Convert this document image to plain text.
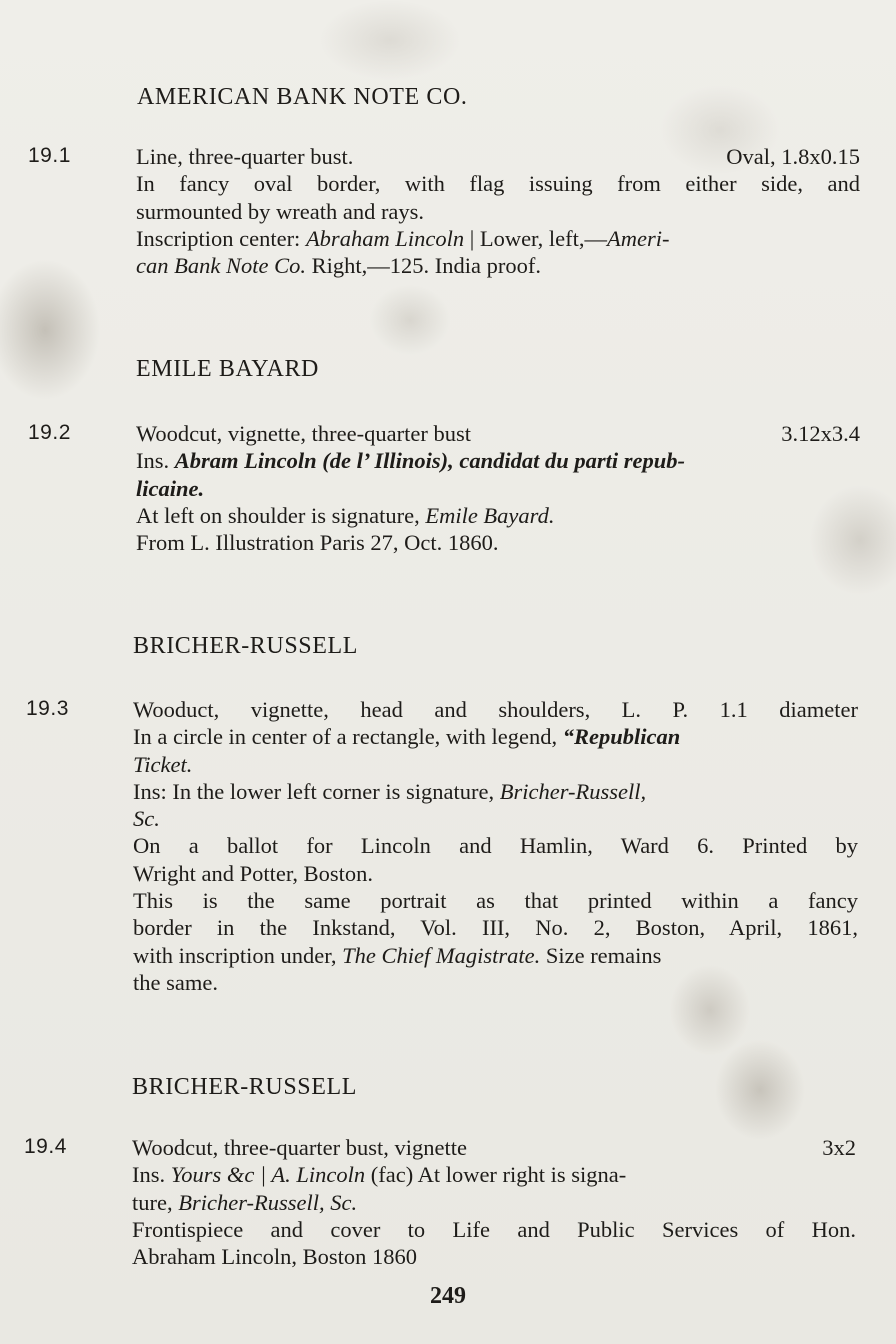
AMERICAN BANK NOTE CO.
19.1	Line, three-quarter bust.	Oval, 1.8x0.15
In fancy oval border, with flag issuing from either side, and
surmounted by wreath and rays.
Inscription center: Abraham Lincoln | Lower, left,—Ameri-
can Bank Note Co. Right,—125. India proof.
EMILE BAYARD
19.2	Woodcut, vignette, three-quarter bust	3.12x3.4
Ins. Abram Lincoln (de l’ Illinois), candidat du parti repub-
licaine.
At left on shoulder is signature, Emile Bayard.
From L. Illustration Paris 27, Oct. 1860.
BRICHER-RUSSELL
19.3	Wooduct, vignette, head and shoulders, L. P. 1.1 diameter
In a circle in center of a rectangle, with legend, “Republican
Ticket.
Ins: In the lower left corner is signature, Bricher-Russell,
Sc.
On a ballot for Lincoln and Hamlin, Ward 6. Printed by
Wright and Potter, Boston.
This is the same portrait as that printed within a fancy
border in the Inkstand, Vol. III, No. 2, Boston, April, 1861,
with inscription under, The Chief Magistrate. Size remains
the same.
BRICHER-RUSSELL
19.4	Woodcut, three-quarter bust, vignette	3x2
Ins. Yours &c | A. Lincoln (fac) At lower right is signa-
ture, Bricher-Russell, Sc.
Frontispiece and cover to Life and Public Services of Hon.
Abraham Lincoln, Boston 1860
249
